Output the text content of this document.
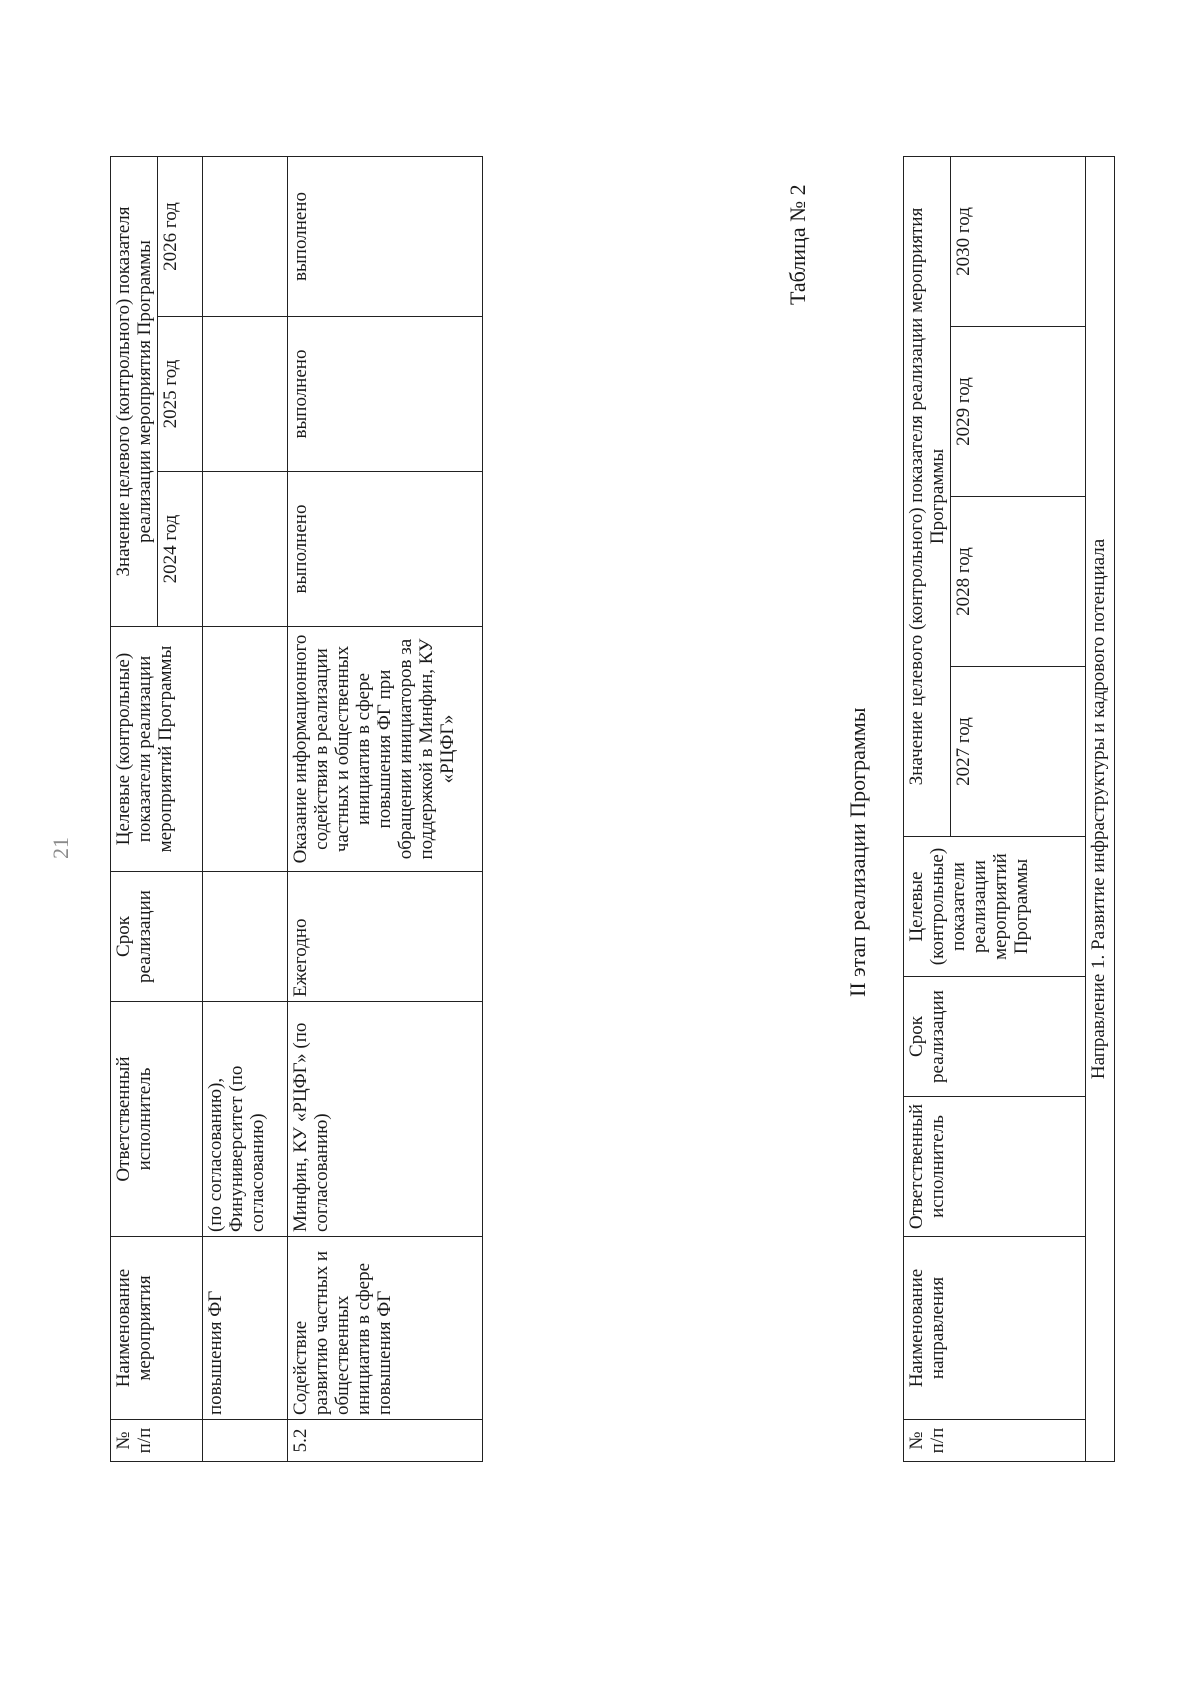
21
№ п/п	Наименование мероприятия	Ответственный исполнитель	Срок реализации	Целевые (контрольные) показатели реализации мероприятий Программы	Значение целевого (контрольного) показателя реализации мероприятия Программы		
					2024 год	2025 год	2026 год
	повышения ФГ	(по согласованию), Финуниверситет (по согласованию)					
5.2	Содействие развитию частных и общественных инициатив в сфере повышения ФГ	Минфин, КУ «РЦФГ» (по согласованию)	Ежегодно	Оказание информационного содействия в реализации частных и общественных инициатив в сфере повышения ФГ при обращении инициаторов за поддержкой в Минфин, КУ «РЦФГ»	выполнено	выполнено	выполнено	Таблица № 2
II этап реализации Программы
№ п/п	Наименование направления	Ответственный исполнитель	Срок реализации	Целевые (контрольные) показатели реализации мероприятий Программы	Значение целевого (контрольного) показателя реализации мероприятия Программы			
					2027 год	2028 год	2029 год	2030 год
Направление 1. Развитие инфраструктуры и кадрового потенциала								
